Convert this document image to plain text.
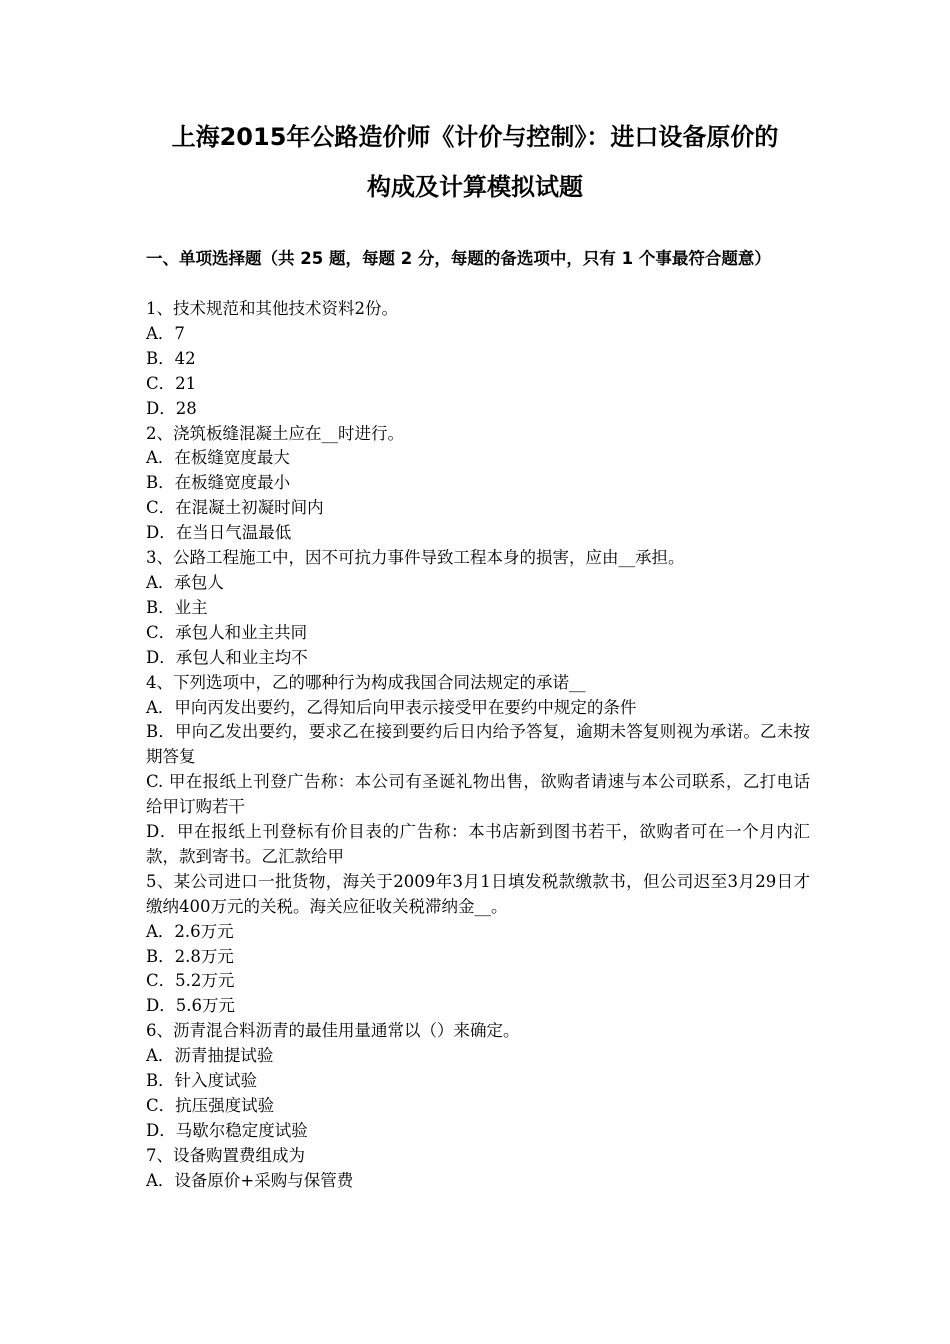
上海2015年公路造价师《计价与控制》：进口设备原价的
构成及计算模拟试题
一、单项选择题（共 25 题，每题 2 分，每题的备选项中，只有 1 个事最符合题意）

1、技术规范和其他技术资料2份。

A．7

B．42

C．21

D．28

2、浇筑板缝混凝土应在__时进行。

A．在板缝宽度最大

B．在板缝宽度最小

C．在混凝土初凝时间内

D．在当日气温最低

3、公路工程施工中，因不可抗力事件导致工程本身的损害，应由__承担。

A．承包人

B．业主

C．承包人和业主共同

D．承包人和业主均不

4、下列选项中，乙的哪种行为构成我国合同法规定的承诺__

A．甲向丙发出要约，乙得知后向甲表示接受甲在要约中规定的条件

B．甲向乙发出要约，要求乙在接到要约后日内给予答复，逾期未答复则视为承诺。乙未按期答复

C. 甲在报纸上刊登广告称：本公司有圣诞礼物出售，欲购者请速与本公司联系，乙打电话给甲订购若干

D．甲在报纸上刊登标有价目表的广告称：本书店新到图书若干，欲购者可在一个月内汇款，款到寄书。乙汇款给甲

5、某公司进口一批货物，海关于2009年3月1日填发税款缴款书，但公司迟至3月29日才缴纳400万元的关税。海关应征收关税滞纳金__。

A．2.6万元

B．2.8万元

C．5.2万元

D．5.6万元

6、沥青混合料沥青的最佳用量通常以（）来确定。

A．沥青抽提试验

B．针入度试验

C．抗压强度试验

D．马歇尔稳定度试验

7、设备购置费组成为

A．设备原价+采购与保管费
